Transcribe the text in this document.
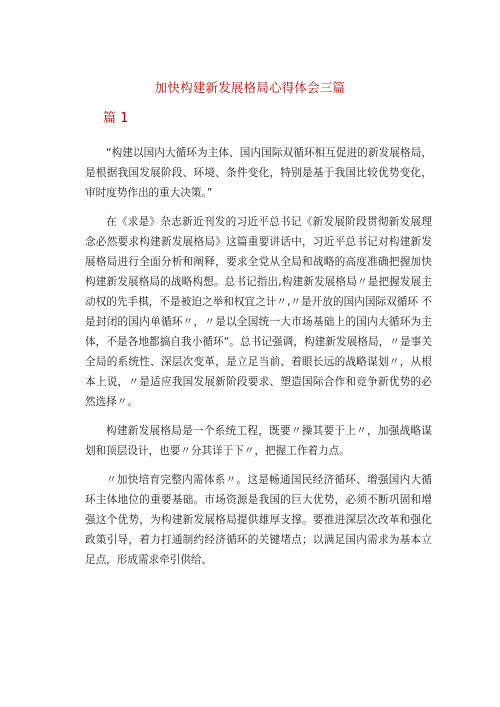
加快构建新发展格局心得体会三篇
篇 1

“构建以国内大循环为主体、国内国际双循环相互促进的新发展格局，是根据我国发展阶段、环境、条件变化，特别是基于我国比较优势变化，审时度势作出的重大决策。”

在《求是》杂志新近刊发的习近平总书记《新发展阶段贯彻新发展理念必然要求构建新发展格局》这篇重要讲话中，习近平总书记对构建新发展格局进行全面分析和阐释，要求全党从全局和战略的高度准确把握加快构建新发展格局的战略构想。总书记指出,构建新发展格局〃是把握发展主动权的先手棋，不是被迫之举和权宜之计〃,〃是开放的国内国际双循环 不是封闭的国内单循环〃，〃是以全国统一大市场基础上的国内大循环为主体，不是各地都搞自我小循环“。总书记强调，构建新发展格局，〃是事关全局的系统性、深层次变革，是立足当前、着眼长远的战略谋划〃，从根本上说，〃是适应我国发展新阶段要求、塑造国际合作和竞争新优势的必然选择〃。

构建新发展格局是一个系统工程，既要〃操其要于上〃，加强战略谋划和顶层设计，也要〃分其详于下〃，把握工作着力点。

〃加快培育完整内需体系〃。这是畅通国民经济循环、增强国内大循环主体地位的重要基础。市场资源是我国的巨大优势，必须不断巩固和增强这个优势，为构建新发展格局提供雄厚支撑。要推进深层次改革和强化政策引导，着力打通制约经济循环的关键堵点；以满足国内需求为基本立足点，形成需求牵引供给、
